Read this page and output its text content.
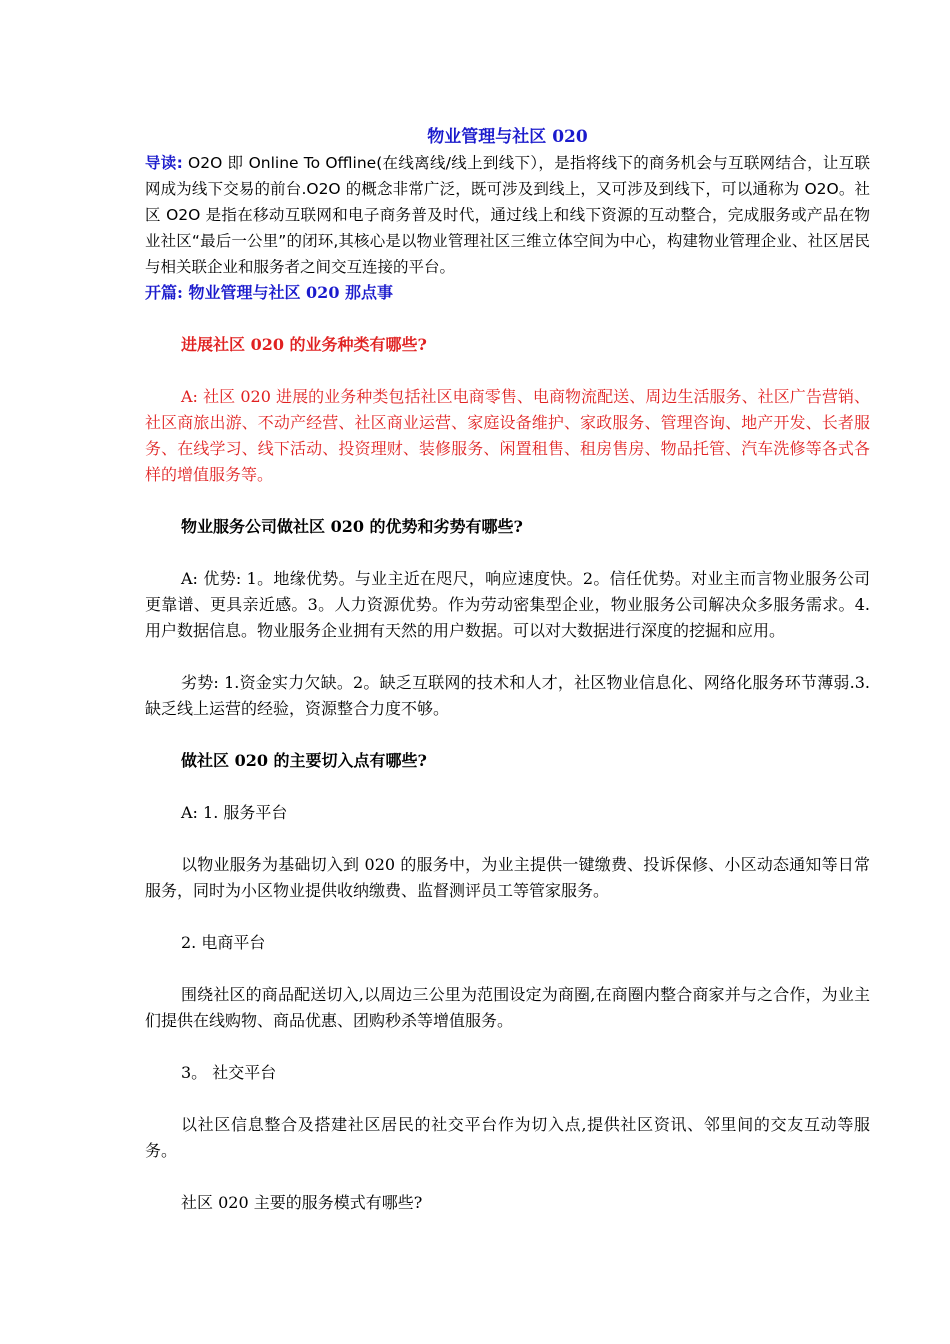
物业管理与社区 020

导读: O2O 即 Online To Offline(在线离线/线上到线下），是指将线下的商务机会与互联网结合，让互联网成为线下交易的前台.O2O 的概念非常广泛，既可涉及到线上，又可涉及到线下，可以通称为 O2O。社区 O2O 是指在移动互联网和电子商务普及时代，通过线上和线下资源的互动整合，完成服务或产品在物业社区“最后一公里”的闭环,其核心是以物业管理社区三维立体空间为中心，构建物业管理企业、社区居民与相关联企业和服务者之间交互连接的平台。

开篇: 物业管理与社区 020 那点事

进展社区 020 的业务种类有哪些?

A: 社区 020 进展的业务种类包括社区电商零售、电商物流配送、周边生活服务、社区广告营销、社区商旅出游、不动产经营、社区商业运营、家庭设备维护、家政服务、管理咨询、地产开发、长者服务、在线学习、线下活动、投资理财、装修服务、闲置租售、租房售房、物品托管、汽车洗修等各式各样的增值服务等。

物业服务公司做社区 020 的优势和劣势有哪些?

A: 优势: 1。地缘优势。与业主近在咫尺，响应速度快。2。信任优势。对业主而言物业服务公司更靠谱、更具亲近感。3。人力资源优势。作为劳动密集型企业，物业服务公司解决众多服务需求。4.用户数据信息。物业服务企业拥有天然的用户数据。可以对大数据进行深度的挖掘和应用。

劣势: 1.资金实力欠缺。2。缺乏互联网的技术和人才，社区物业信息化、网络化服务环节薄弱.3.缺乏线上运营的经验，资源整合力度不够。

做社区 020 的主要切入点有哪些?

A: 1. 服务平台

以物业服务为基础切入到 020 的服务中，为业主提供一键缴费、投诉保修、小区动态通知等日常服务，同时为小区物业提供收纳缴费、监督测评员工等管家服务。

2. 电商平台

围绕社区的商品配送切入,以周边三公里为范围设定为商圈,在商圈内整合商家并与之合作，为业主们提供在线购物、商品优惠、团购秒杀等增值服务。

3。 社交平台

以社区信息整合及搭建社区居民的社交平台作为切入点,提供社区资讯、邻里间的交友互动等服务。

社区 020 主要的服务模式有哪些?
